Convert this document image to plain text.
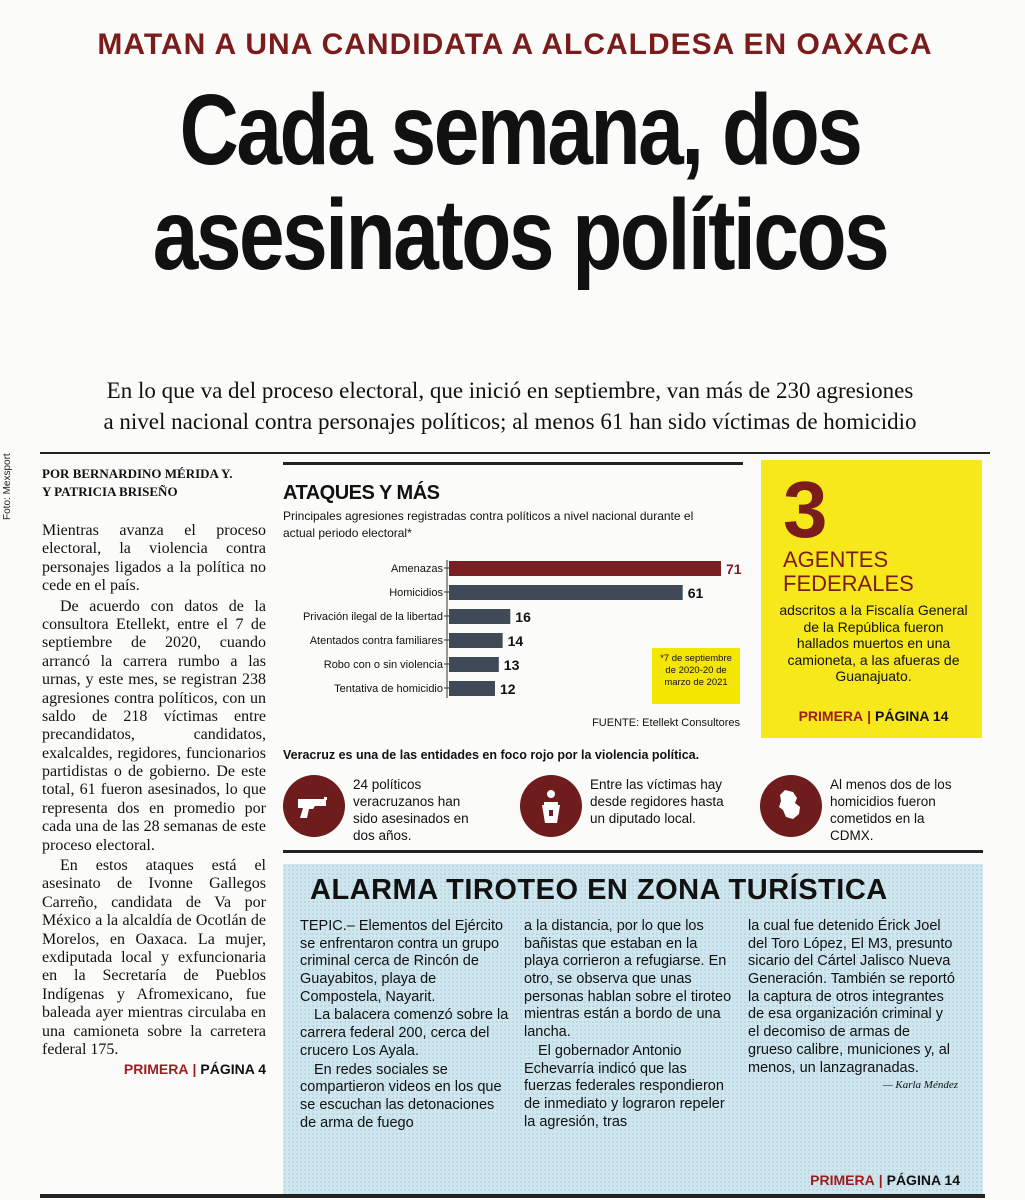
Foto: Mexsport
MATAN A UNA CANDIDATA A ALCALDESA EN OAXACA
Cada semana, dos
asesinatos políticos
En lo que va del proceso electoral, que inició en septiembre, van más de 230 agresiones
a nivel nacional contra personajes políticos; al menos 61 han sido víctimas de homicidio
POR BERNARDINO MÉRIDA Y.
Y PATRICIA BRISEÑO

Mientras avanza el proceso electoral, la violencia contra personajes ligados a la política no cede en el país.

De acuerdo con datos de la consultora Etellekt, entre el 7 de septiembre de 2020, cuando arrancó la carrera rumbo a las urnas, y este mes, se registran 238 agresiones contra políticos, con un saldo de 218 víctimas entre precandidatos, candidatos, exalcaldes, regidores, funcionarios partidistas o de gobierno. De este total, 61 fueron asesinados, lo que representa dos en promedio por cada una de las 28 semanas de este proceso electoral.

En estos ataques está el asesinato de Ivonne Gallegos Carreño, candidata de Va por México a la alcaldía de Ocotlán de Morelos, en Oaxaca. La mujer, exdiputada local y exfuncionaria en la Secretaría de Pueblos Indígenas y Afromexicano, fue baleada ayer mientras circulaba en una camioneta sobre la carretera federal 175.

PRIMERA | PÁGINA 4
ATAQUES Y MÁS
Principales agresiones registradas contra políticos a nivel nacional durante el actual periodo electoral*
Amenazas	71
Homicidios	61
Privación ilegal de la libertad	16
Atentados contra familiares	14
Robo con o sin violencia	13
Tentativa de homicidio	12
*7 de septiembre de 2020-20 de marzo de 2021
FUENTE: Etellekt Consultores
3
AGENTES
FEDERALES
adscritos a la Fiscalía General de la República fueron hallados muertos en una camioneta, a las afueras de Guanajuato.
PRIMERA | PÁGINA 14
Veracruz es una de las entidades en foco rojo por la violencia política.
24 políticos veracruzanos han sido asesinados en dos años.
Entre las víctimas hay desde regidores hasta un diputado local.
Al menos dos de los homicidios fueron cometidos en la CDMX.
ALARMA TIROTEO EN ZONA TURÍSTICA

TEPIC.– Elementos del Ejército se enfrentaron contra un grupo criminal cerca de Rincón de Guayabitos, playa de Compostela, Nayarit.

La balacera comenzó sobre la carrera federal 200, cerca del crucero Los Ayala.

En redes sociales se compartieron videos en los que se escuchan las detonaciones de arma de fuego

a la distancia, por lo que los bañistas que estaban en la playa corrieron a refugiarse. En otro, se observa que unas personas hablan sobre el tiroteo mientras están a bordo de una lancha.

El gobernador Antonio Echevarría indicó que las fuerzas federales respondieron de inmediato y lograron repeler la agresión, tras

la cual fue detenido Érick Joel del Toro López, El M3, presunto sicario del Cártel Jalisco Nueva Generación. También se reportó la captura de otros integrantes de esa organización criminal y el decomiso de armas de grueso calibre, municiones y, al menos, un lanzagranadas.

— Karla Méndez
PRIMERA | PÁGINA 14
